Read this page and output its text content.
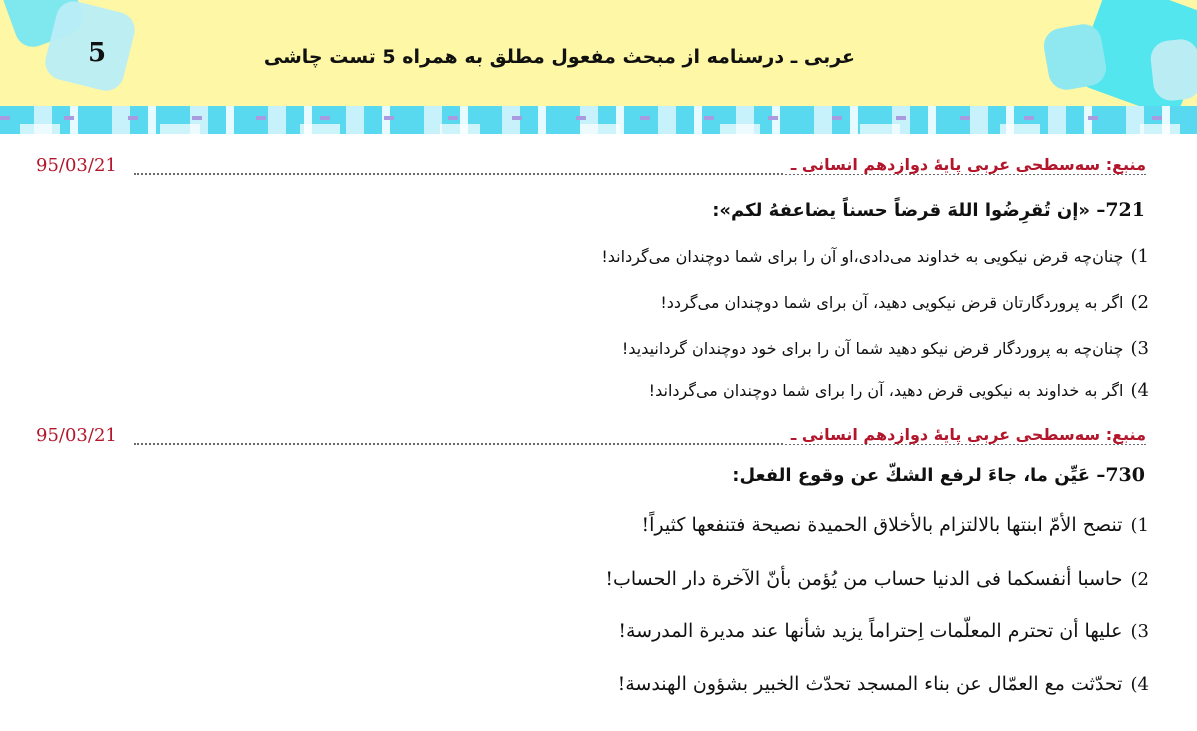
5	عربی ـ درسنامه از مبحث مفعول مطلق به همراه 5 تست چاشی
95/03/21	منبع: سه‌سطحی عربی پایهٔ دوازدهم انسانی ـ
721– «إن تُقرِضُوا اللهَ قرضاً حسناً يضاعفهُ لكم»:
1) چنان‌چه قرض نیکویی به خداوند می‌دادی،او آن را برای شما دوچندان می‌گرداند!
2) اگر به پروردگارتان قرض نیکویی دهید، آن برای شما دوچندان می‌گردد!
3) چنان‌چه به پروردگار قرض نیکو دهید شما آن را برای خود دوچندان گردانیدید!
4) اگر به خداوند به نیکویی قرض دهید، آن را برای شما دوچندان می‌گرداند!
95/03/21	منبع: سه‌سطحی عربی پایهٔ دوازدهم انسانی ـ
730– عَيِّن ما، جاءَ لرفع الشكّ عن وقوع الفعل:
1) تنصح الأمّ ابنتها بالالتزام بالأخلاق الحميدة نصيحة فتنفعها كثيراً!
2) حاسبا أنفسكما فى الدنيا حساب من يُؤمن بأنّ الآخرة دار الحساب!
3) عليها أن تحترم المعلّمات اِحتراماً يزيد شأنها عند مديرة المدرسة!
4) تحدّثت مع العمّال عن بناء المسجد تحدّث الخبير بشؤون الهندسة!
